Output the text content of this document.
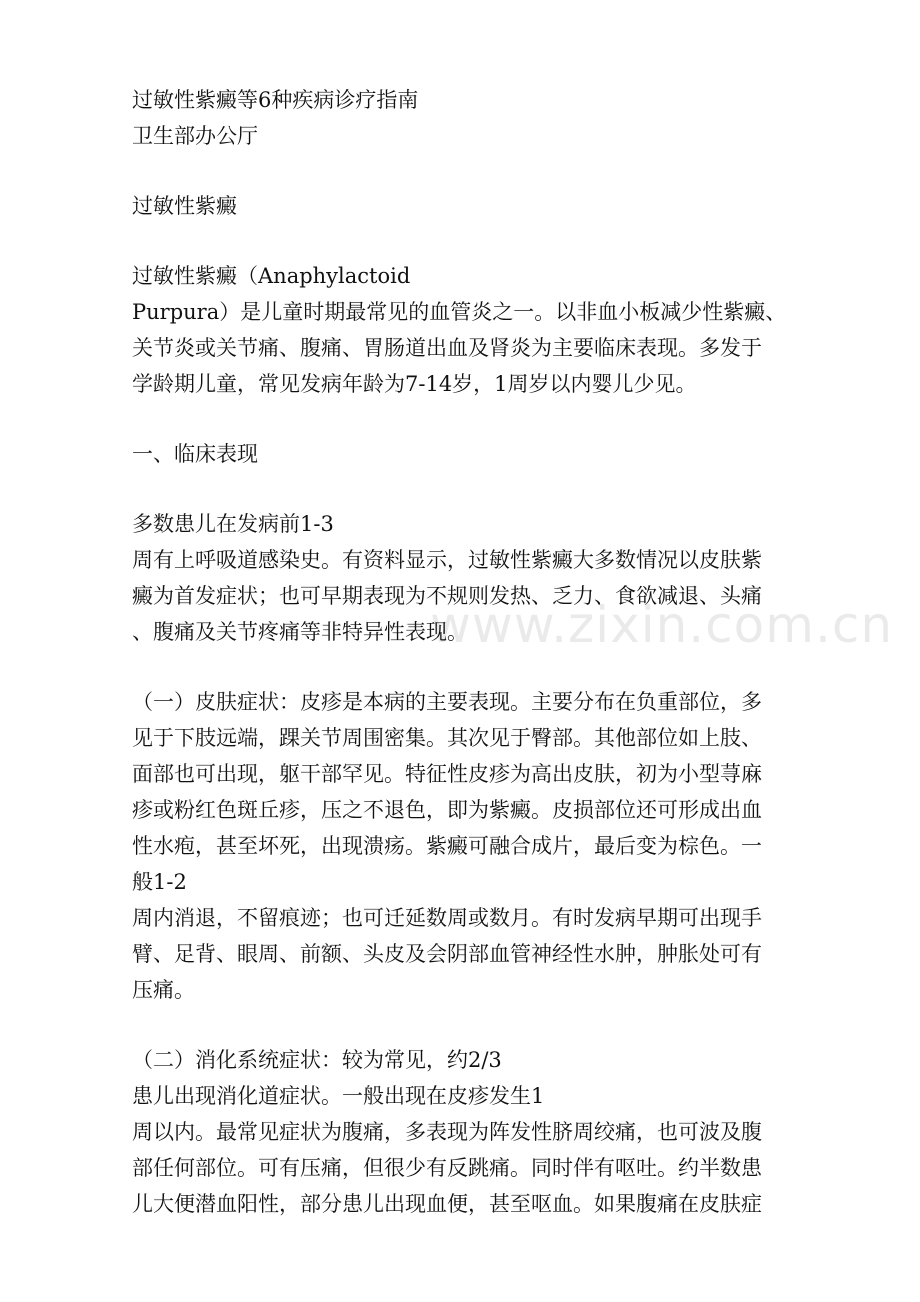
过敏性紫癜等6种疾病诊疗指南
卫生部办公厅
过敏性紫癜
过敏性紫癜（Anaphylactoid
Purpura）是儿童时期最常见的血管炎之一。以非血小板减少性紫癜、
关节炎或关节痛、腹痛、胃肠道出血及肾炎为主要临床表现。多发于
学龄期儿童，常见发病年龄为7-14岁，1周岁以内婴儿少见。
一、临床表现
多数患儿在发病前1-3
周有上呼吸道感染史。有资料显示，过敏性紫癜大多数情况以皮肤紫
癜为首发症状；也可早期表现为不规则发热、乏力、食欲减退、头痛
、腹痛及关节疼痛等非特异性表现。
（一）皮肤症状：皮疹是本病的主要表现。主要分布在负重部位，多
见于下肢远端，踝关节周围密集。其次见于臀部。其他部位如上肢、
面部也可出现，躯干部罕见。特征性皮疹为高出皮肤，初为小型荨麻
疹或粉红色斑丘疹，压之不退色，即为紫癜。皮损部位还可形成出血
性水疱，甚至坏死，出现溃疡。紫癜可融合成片，最后变为棕色。一
般1-2
周内消退，不留痕迹；也可迁延数周或数月。有时发病早期可出现手
臂、足背、眼周、前额、头皮及会阴部血管神经性水肿，肿胀处可有
压痛。
（二）消化系统症状：较为常见，约2/3
患儿出现消化道症状。一般出现在皮疹发生1
周以内。最常见症状为腹痛，多表现为阵发性脐周绞痛，也可波及腹
部任何部位。可有压痛，但很少有反跳痛。同时伴有呕吐。约半数患
儿大便潜血阳性，部分患儿出现血便，甚至呕血。如果腹痛在皮肤症
www.zixin.com.cn
